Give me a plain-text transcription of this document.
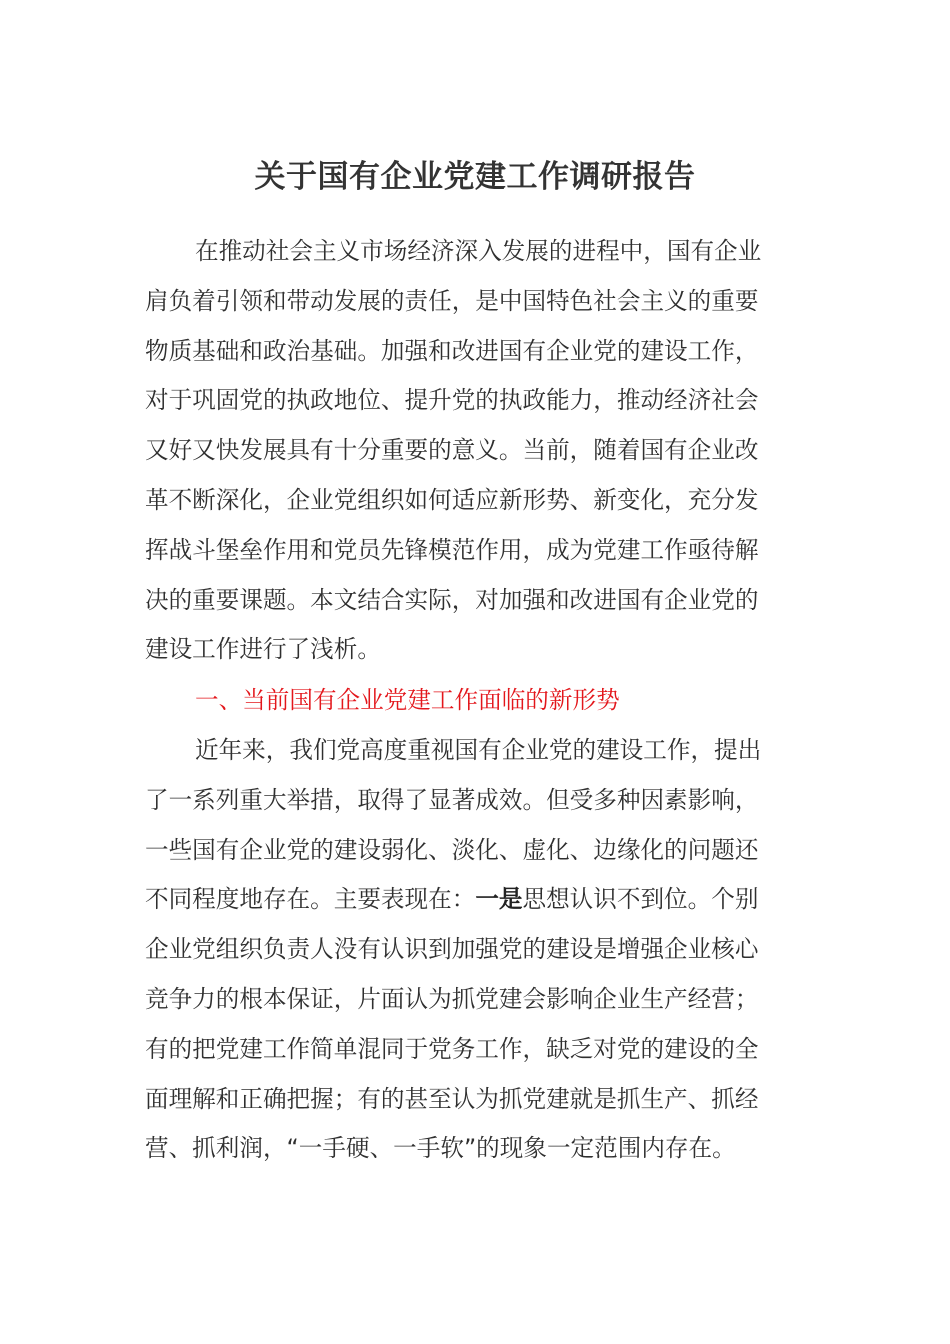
关于国有企业党建工作调研报告
在推动社会主义市场经济深入发展的进程中，国有企业
肩负着引领和带动发展的责任，是中国特色社会主义的重要
物质基础和政治基础。加强和改进国有企业党的建设工作，
对于巩固党的执政地位、提升党的执政能力，推动经济社会
又好又快发展具有十分重要的意义。当前，随着国有企业改
革不断深化，企业党组织如何适应新形势、新变化，充分发
挥战斗堡垒作用和党员先锋模范作用，成为党建工作亟待解
决的重要课题。本文结合实际，对加强和改进国有企业党的
建设工作进行了浅析。
一、当前国有企业党建工作面临的新形势
近年来，我们党高度重视国有企业党的建设工作，提出
了一系列重大举措，取得了显著成效。但受多种因素影响，
一些国有企业党的建设弱化、淡化、虚化、边缘化的问题还
不同程度地存在。主要表现在：一是思想认识不到位。个别
企业党组织负责人没有认识到加强党的建设是增强企业核心
竞争力的根本保证，片面认为抓党建会影响企业生产经营；
有的把党建工作简单混同于党务工作，缺乏对党的建设的全
面理解和正确把握；有的甚至认为抓党建就是抓生产、抓经
营、抓利润，“一手硬、一手软”的现象一定范围内存在。
